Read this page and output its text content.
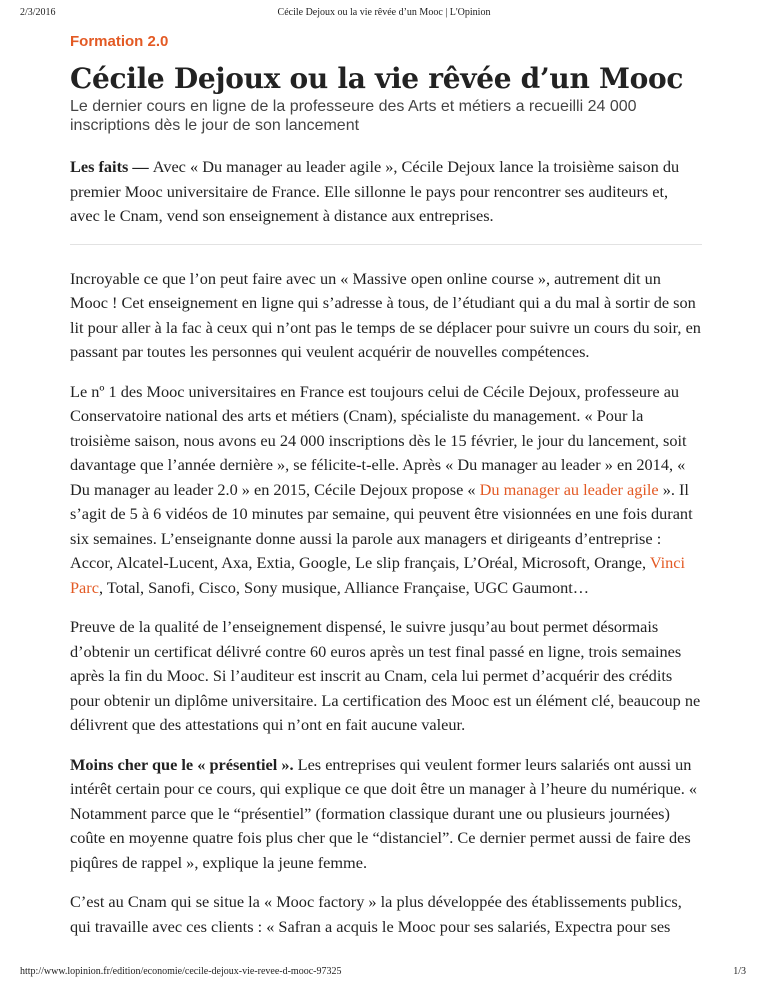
2/3/2016	Cécile Dejoux ou la vie rêvée d’un Mooc | L'Opinion
Formation 2.0
Cécile Dejoux ou la vie rêvée d’un Mooc
Le dernier cours en ligne de la professeure des Arts et métiers a recueilli 24 000 inscriptions dès le jour de son lancement

Les faits — Avec « Du manager au leader agile », Cécile Dejoux lance la troisième saison du premier Mooc universitaire de France. Elle sillonne le pays pour rencontrer ses auditeurs et, avec le Cnam, vend son enseignement à distance aux entreprises.

Incroyable ce que l’on peut faire avec un « Massive open online course », autrement dit un Mooc ! Cet enseignement en ligne qui s’adresse à tous, de l’étudiant qui a du mal à sortir de son lit pour aller à la fac à ceux qui n’ont pas le temps de se déplacer pour suivre un cours du soir, en passant par toutes les personnes qui veulent acquérir de nouvelles compétences.

Le nº 1 des Mooc universitaires en France est toujours celui de Cécile Dejoux, professeure au Conservatoire national des arts et métiers (Cnam), spécialiste du management. « Pour la troisième saison, nous avons eu 24 000 inscriptions dès le 15 février, le jour du lancement, soit davantage que l’année dernière », se félicite-t-elle. Après « Du manager au leader » en 2014, « Du manager au leader 2.0 » en 2015, Cécile Dejoux propose « Du manager au leader agile ». Il s’agit de 5 à 6 vidéos de 10 minutes par semaine, qui peuvent être visionnées en une fois durant six semaines. L’enseignante donne aussi la parole aux managers et dirigeants d’entreprise : Accor, Alcatel-Lucent, Axa, Extia, Google, Le slip français, L’Oréal, Microsoft, Orange, Vinci Parc, Total, Sanofi, Cisco, Sony musique, Alliance Française, UGC Gaumont…

Preuve de la qualité de l’enseignement dispensé, le suivre jusqu’au bout permet désormais d’obtenir un certificat délivré contre 60 euros après un test final passé en ligne, trois semaines après la fin du Mooc. Si l’auditeur est inscrit au Cnam, cela lui permet d’acquérir des crédits pour obtenir un diplôme universitaire. La certification des Mooc est un élément clé, beaucoup ne délivrent que des attestations qui n’ont en fait aucune valeur.

Moins cher que le « présentiel ». Les entreprises qui veulent former leurs salariés ont aussi un intérêt certain pour ce cours, qui explique ce que doit être un manager à l’heure du numérique. « Notamment parce que le “présentiel” (formation classique durant une ou plusieurs journées) coûte en moyenne quatre fois plus cher que le “distanciel”. Ce dernier permet aussi de faire des piqûres de rappel », explique la jeune femme.

C’est au Cnam qui se situe la « Mooc factory » la plus développée des établissements publics, qui travaille avec ces clients : « Safran a acquis le Mooc pour ses salariés, Expectra pour ses

http://www.lopinion.fr/edition/economie/cecile-dejoux-vie-revee-d-mooc-97325	1/3
